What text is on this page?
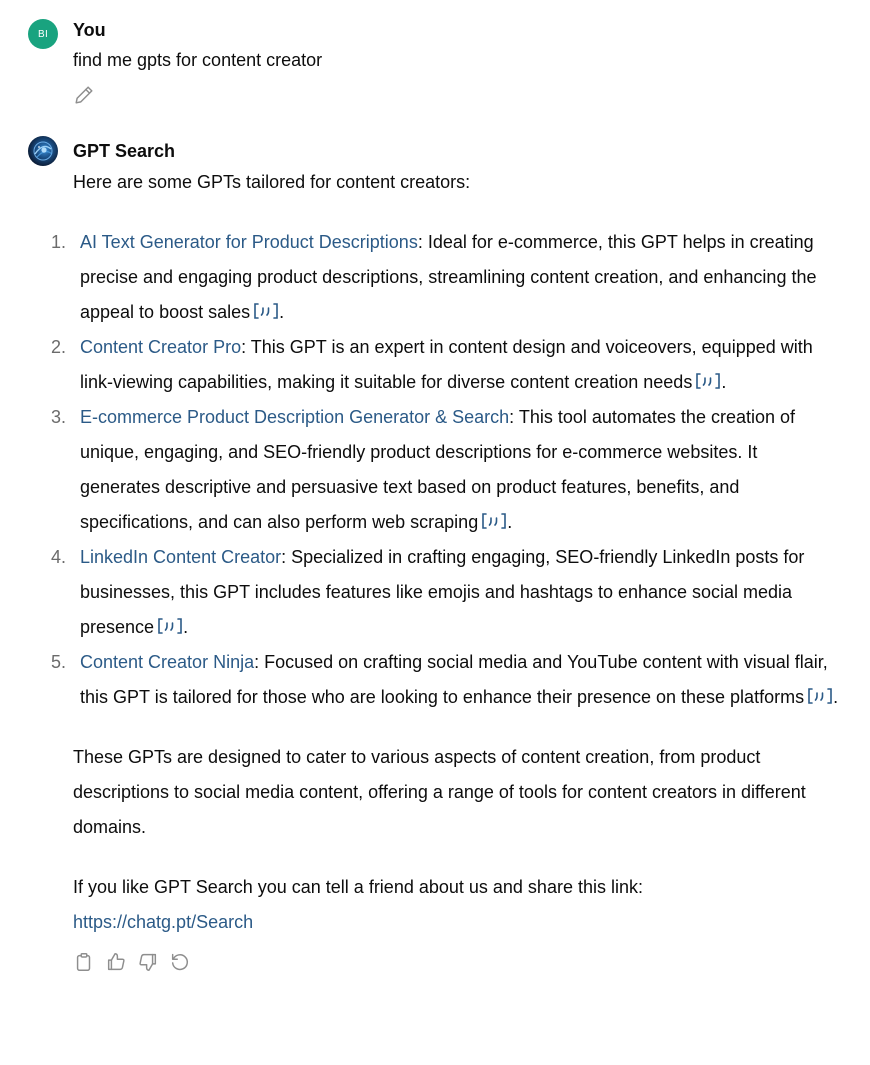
BI You
find me gpts for content creator
GPT Search

Here are some GPTs tailored for content creators:

1. AI Text Generator for Product Descriptions: Ideal for e-commerce, this GPT helps in creating precise and engaging product descriptions, streamlining content creation, and enhancing the appeal to boost sales .
2. Content Creator Pro: This GPT is an expert in content design and voiceovers, equipped with link-viewing capabilities, making it suitable for diverse content creation needs .
3. E-commerce Product Description Generator & Search: This tool automates the creation of unique, engaging, and SEO-friendly product descriptions for e-commerce websites. It generates descriptive and persuasive text based on product features, benefits, and specifications, and can also perform web scraping .
4. LinkedIn Content Creator: Specialized in crafting engaging, SEO-friendly LinkedIn posts for businesses, this GPT includes features like emojis and hashtags to enhance social media presence .
5. Content Creator Ninja: Focused on crafting social media and YouTube content with visual flair, this GPT is tailored for those who are looking to enhance their presence on these platforms .

These GPTs are designed to cater to various aspects of content creation, from product descriptions to social media content, offering a range of tools for content creators in different domains.

If you like GPT Search you can tell a friend about us and share this link:
https://chatg.pt/Search
